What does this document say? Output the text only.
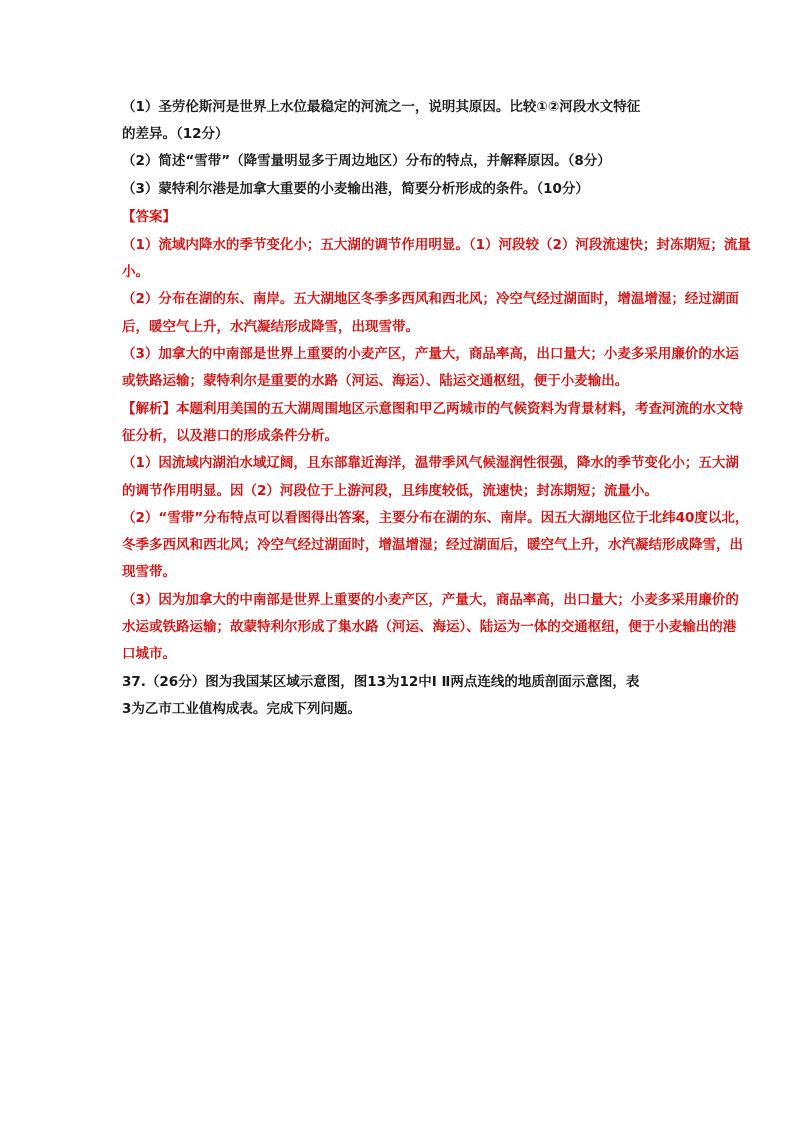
（1）圣劳伦斯河是世界上水位最稳定的河流之一，说明其原因。比较①②河段水文特征
的差异。（12分）
（2）简述“雪带”（降雪量明显多于周边地区）分布的特点，并解释原因。（8分）
（3）蒙特利尔港是加拿大重要的小麦输出港，简要分析形成的条件。（10分）
【答案】
（1）流域内降水的季节变化小；五大湖的调节作用明显。（1）河段较（2）河段流速快；封冻期短；流量
小。
（2）分布在湖的东、南岸。五大湖地区冬季多西风和西北风；冷空气经过湖面时，增温增湿；经过湖面
后，暖空气上升，水汽凝结形成降雪，出现雪带。
（3）加拿大的中南部是世界上重要的小麦产区，产量大，商品率高，出口量大；小麦多采用廉价的水运
或铁路运输；蒙特利尔是重要的水路（河运、海运）、陆运交通枢纽，便于小麦输出。
【解析】本题利用美国的五大湖周围地区示意图和甲乙两城市的气候资料为背景材料，考查河流的水文特
征分析，以及港口的形成条件分析。
（1）因流域内湖泊水域辽阔，且东部靠近海洋，温带季风气候湿润性很强，降水的季节变化小；五大湖
的调节作用明显。因（2）河段位于上游河段，且纬度较低，流速快；封冻期短；流量小。
（2）“雪带”分布特点可以看图得出答案，主要分布在湖的东、南岸。因五大湖地区位于北纬40度以北，
冬季多西风和西北风；冷空气经过湖面时，增温增湿；经过湖面后，暖空气上升，水汽凝结形成降雪，出
现雪带。
（3）因为加拿大的中南部是世界上重要的小麦产区，产量大，商品率高，出口量大；小麦多采用廉价的
水运或铁路运输；故蒙特利尔形成了集水路（河运、海运）、陆运为一体的交通枢纽，便于小麦输出的港
口城市。
37.（26分）图为我国某区域示意图，图13为12中Ⅰ Ⅱ两点连线的地质剖面示意图，表
3为乙市工业值构成表。完成下列问题。
